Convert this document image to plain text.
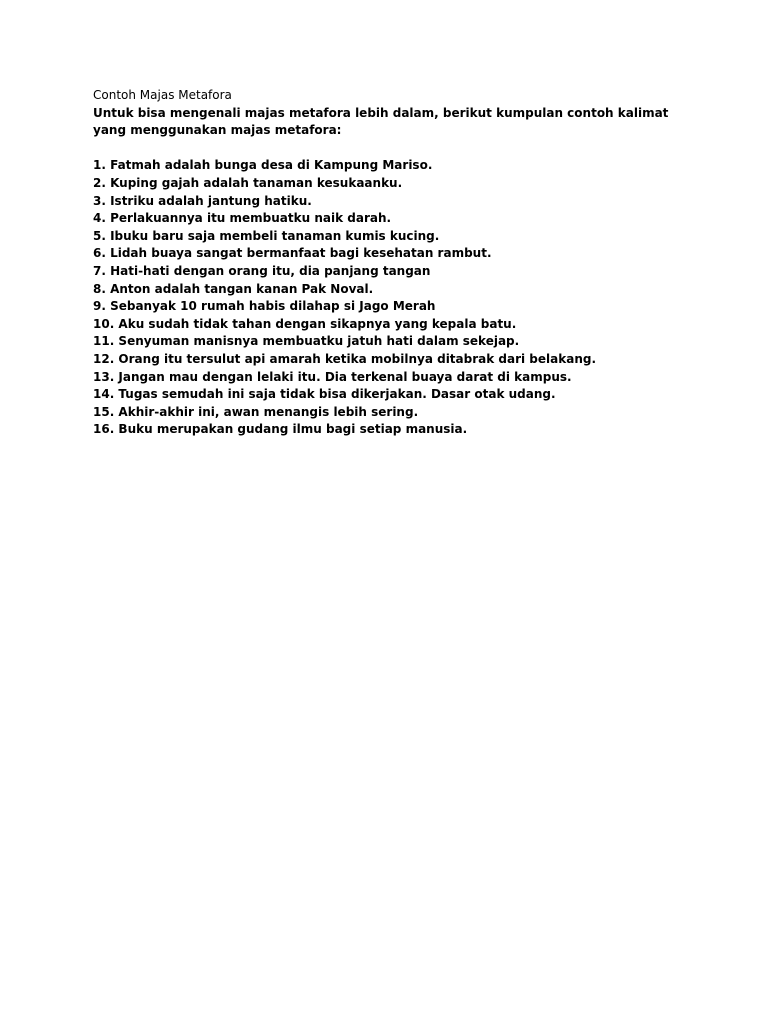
Contoh Majas Metafora

Untuk bisa mengenali majas metafora lebih dalam, berikut kumpulan contoh kalimat yang menggunakan majas metafora:

1. Fatmah adalah bunga desa di Kampung Mariso.
2. Kuping gajah adalah tanaman kesukaanku.
3. Istriku adalah jantung hatiku.
4. Perlakuannya itu membuatku naik darah.
5. Ibuku baru saja membeli tanaman kumis kucing.
6. Lidah buaya sangat bermanfaat bagi kesehatan rambut.
7. Hati-hati dengan orang itu, dia panjang tangan
8. Anton adalah tangan kanan Pak Noval.
9. Sebanyak 10 rumah habis dilahap si Jago Merah
10. Aku sudah tidak tahan dengan sikapnya yang kepala batu.
11. Senyuman manisnya membuatku jatuh hati dalam sekejap.
12. Orang itu tersulut api amarah ketika mobilnya ditabrak dari belakang.
13. Jangan mau dengan lelaki itu. Dia terkenal buaya darat di kampus.
14. Tugas semudah ini saja tidak bisa dikerjakan. Dasar otak udang.
15. Akhir-akhir ini, awan menangis lebih sering.
16. Buku merupakan gudang ilmu bagi setiap manusia.
